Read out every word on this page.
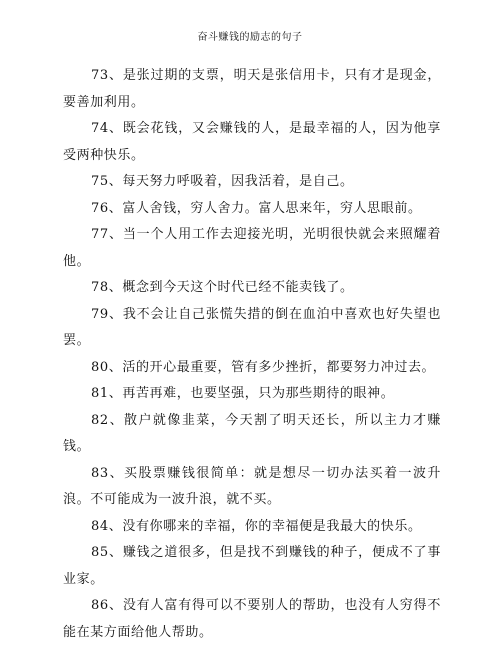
奋斗赚钱的励志的句子

73、是张过期的支票，明天是张信用卡，只有才是现金，要善加利用。

74、既会花钱，又会赚钱的人，是最幸福的人，因为他享受两种快乐。

75、每天努力呼吸着，因我活着，是自己。

76、富人舍钱，穷人舍力。富人思来年，穷人思眼前。

77、当一个人用工作去迎接光明，光明很快就会来照耀着他。

78、概念到今天这个时代已经不能卖钱了。

79、我不会让自己张慌失措的倒在血泊中喜欢也好失望也罢。

80、活的开心最重要，管有多少挫折，都要努力冲过去。

81、再苦再难，也要坚强，只为那些期待的眼神。

82、散户就像韭菜，今天割了明天还长，所以主力才赚钱。

83、买股票赚钱很简单：就是想尽一切办法买着一波升浪。不可能成为一波升浪，就不买。

84、没有你哪来的幸福，你的幸福便是我最大的快乐。

85、赚钱之道很多，但是找不到赚钱的种子，便成不了事业家。

86、没有人富有得可以不要别人的帮助，也没有人穷得不能在某方面给他人帮助。
